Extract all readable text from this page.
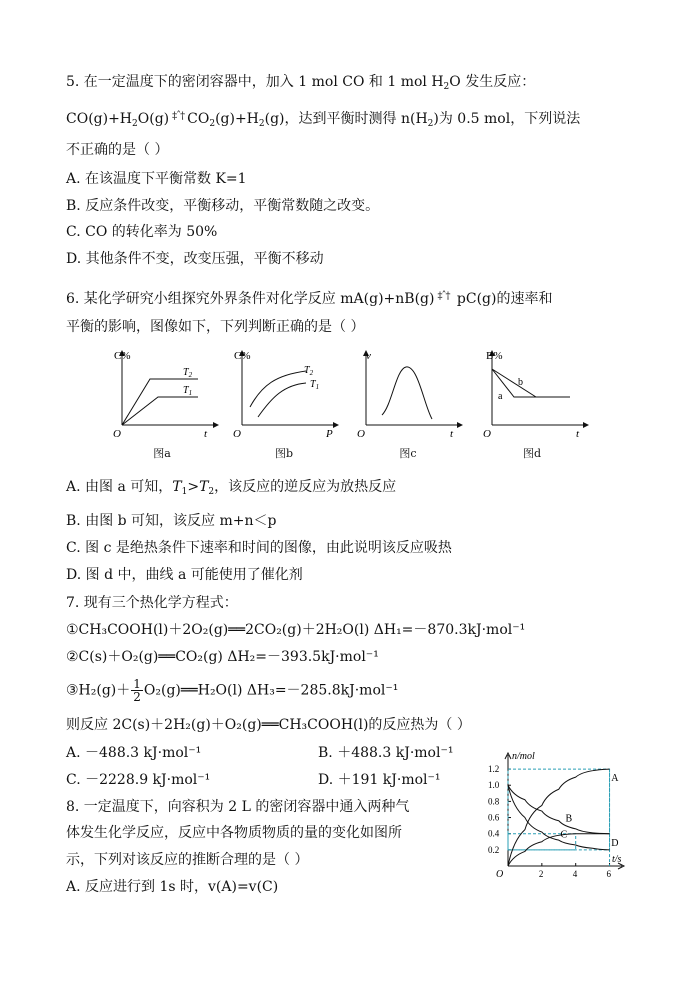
5. 在一定温度下的密闭容器中，加入 1 mol CO 和 1 mol $H_2O$ 发生反应：
$CO(g)+H_2O(g)$ ‡ˆ† $CO_2(g)+H_2(g)$，达到平衡时测得 $n(H_2)$为 0.5 mol，下列说法
不正确的是（ ）
A. 在该温度下平衡常数 K=1
B. 反应条件改变，平衡移动，平衡常数随之改变。
C. CO 的转化率为 50%
D. 其他条件不变，改变压强，平衡不移动
6. 某化学研究小组探究外界条件对化学反应 mA(g)+nB(g) ‡ˆ† pC(g)的速率和
平衡的影响，图像如下，下列判断正确的是（ ）
C%
O	t
$T_2$
$T_1$
图a
C%
O	P
$T_2$
$T_1$
图b
v
O	t
图c
B%
O	t
a
b
图d
A. 由图 a 可知，$T_1>T_2$，该反应的逆反应为放热反应
B. 由图 b 可知，该反应 m+n＜p
C. 图 c 是绝热条件下速率和时间的图像，由此说明该反应吸热
D. 图 d 中，曲线 a 可能使用了催化剂
7. 现有三个热化学方程式：
①CH₃COOH(l)＋2O₂(g)══2CO₂(g)＋2H₂O(l) ΔH₁=－870.3kJ·mol⁻¹
②C(s)＋O₂(g)══CO₂(g) ΔH₂=－393.5kJ·mol⁻¹
③H₂(g)＋ $\frac{1}{2}$ O₂(g)══H₂O(l) ΔH₃=－285.8kJ·mol⁻¹
则反应 2C(s)＋2H₂(g)＋O₂(g)══CH₃COOH(l)的反应热为（ ）
A. －488.3 kJ·mol⁻¹	B. ＋488.3 kJ·mol⁻¹
C. －2228.9 kJ·mol⁻¹	D. ＋191 kJ·mol⁻¹
8. 一定温度下，向容积为 2 L 的密闭容器中通入两种气
体发生化学反应，反应中各物质物质的量的变化如图所
示，下列对该反应的推断合理的是（ ）
A. 反应进行到 1s 时，v(A)=v(C)
n/mol
t/s
O
0.2
0.4
0.6
0.8
1.0
1.2
2	4	6
A
B
C
D
